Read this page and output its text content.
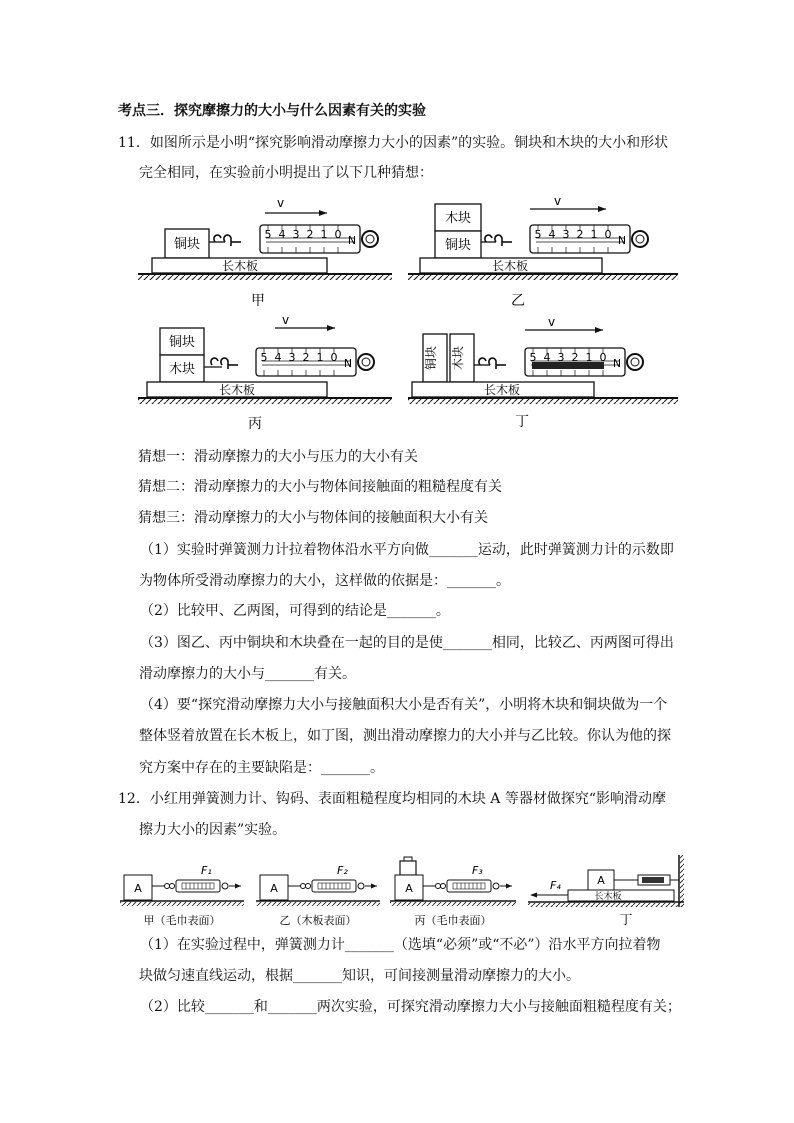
考点三．探究摩擦力的大小与什么因素有关的实验
11．如图所示是小明“探究影响滑动摩擦力大小的因素”的实验。铜块和木块的大小和形状
完全相同，在实验前小明提出了以下几种猜想：
v
铜块
5 4 3 2 1 0 N
长木板
甲
v
木块
铜块
5 4 3 2 1 0 N
长木板
乙
v
铜块
木块
5 4 3 2 1 0 N
长木板
丙
v
铜块 木块	5 4 3 2 1 0 N
长木板
丁
猜想一：滑动摩擦力的大小与压力的大小有关
猜想二：滑动摩擦力的大小与物体间接触面的粗糙程度有关
猜想三：滑动摩擦力的大小与物体间的接触面积大小有关
（1）实验时弹簧测力计拉着物体沿水平方向做_______运动，此时弹簧测力计的示数即
为物体所受滑动摩擦力的大小，这样做的依据是：_______。
（2）比较甲、乙两图，可得到的结论是_______。
（3）图乙、丙中铜块和木块叠在一起的目的是使_______相同，比较乙、丙两图可得出
滑动摩擦力的大小与_______有关。
（4）要“探究滑动摩擦力大小与接触面积大小是否有关”，小明将木块和铜块做为一个
整体竖着放置在长木板上，如丁图，测出滑动摩擦力的大小并与乙比较。你认为他的探
究方案中存在的主要缺陷是：_______。
12．小红用弹簧测力计、钩码、表面粗糙程度均相同的木块 A 等器材做探究“影响滑动摩
擦力大小的因素”实验。
A
F₁
甲（毛巾表面）
A
F₂
乙（木板表面）
A
F₃
丙（毛巾表面）
A
长木板
F₄
丁
（1）在实验过程中，弹簧测力计_______（选填“必须”或“不必”）沿水平方向拉着物
块做匀速直线运动，根据_______知识，可间接测量滑动摩擦力的大小。
（2）比较_______和_______两次实验，可探究滑动摩擦力大小与接触面粗糙程度有关；
